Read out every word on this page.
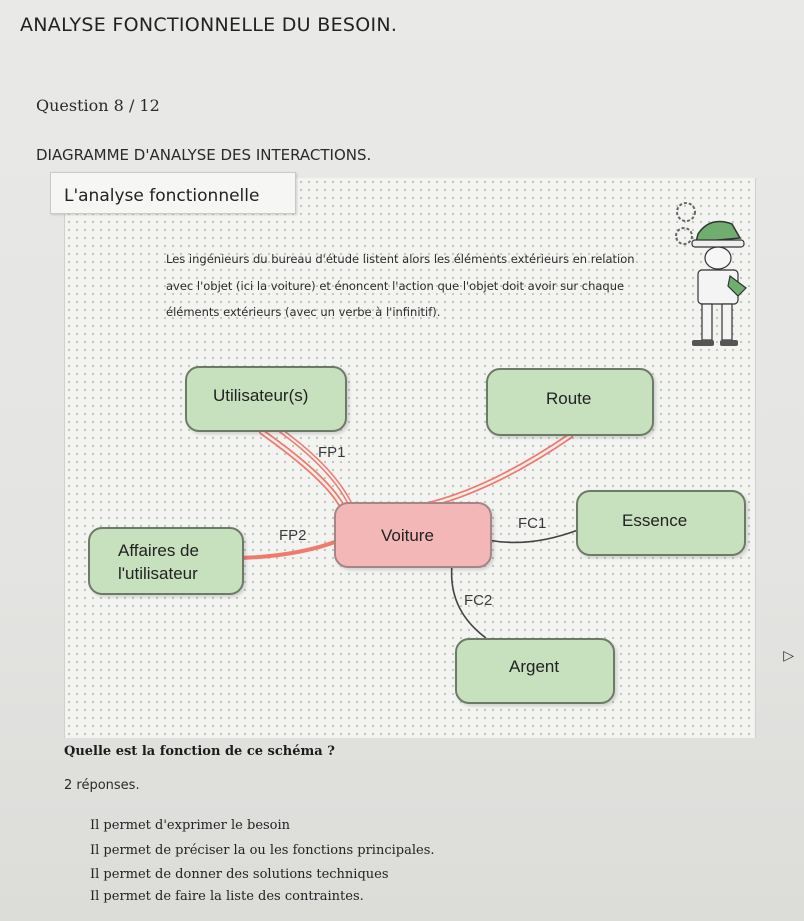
ANALYSE FONCTIONNELLE DU BESOIN.
Question 8 / 12
DIAGRAMME D'ANALYSE DES INTERACTIONS.
L'analyse fonctionnelle
Les ingénieurs du bureau d'étude listent alors les éléments extérieurs en relation
avec l'objet (ici la voiture) et énoncent l'action que l'objet doit avoir sur chaque
éléments extérieurs (avec un verbe à l'infinitif).
Utilisateur(s)	Route
Essence
Affaires de
l'utilisateur
Argent
Voiture
FP1
FP2
FC1
FC2
Quelle est la fonction de ce schéma ?
2 réponses.
Il permet d'exprimer le besoin
Il permet de préciser la ou les fonctions principales.
Il permet de donner des solutions techniques
Il permet de faire la liste des contraintes.
▷
